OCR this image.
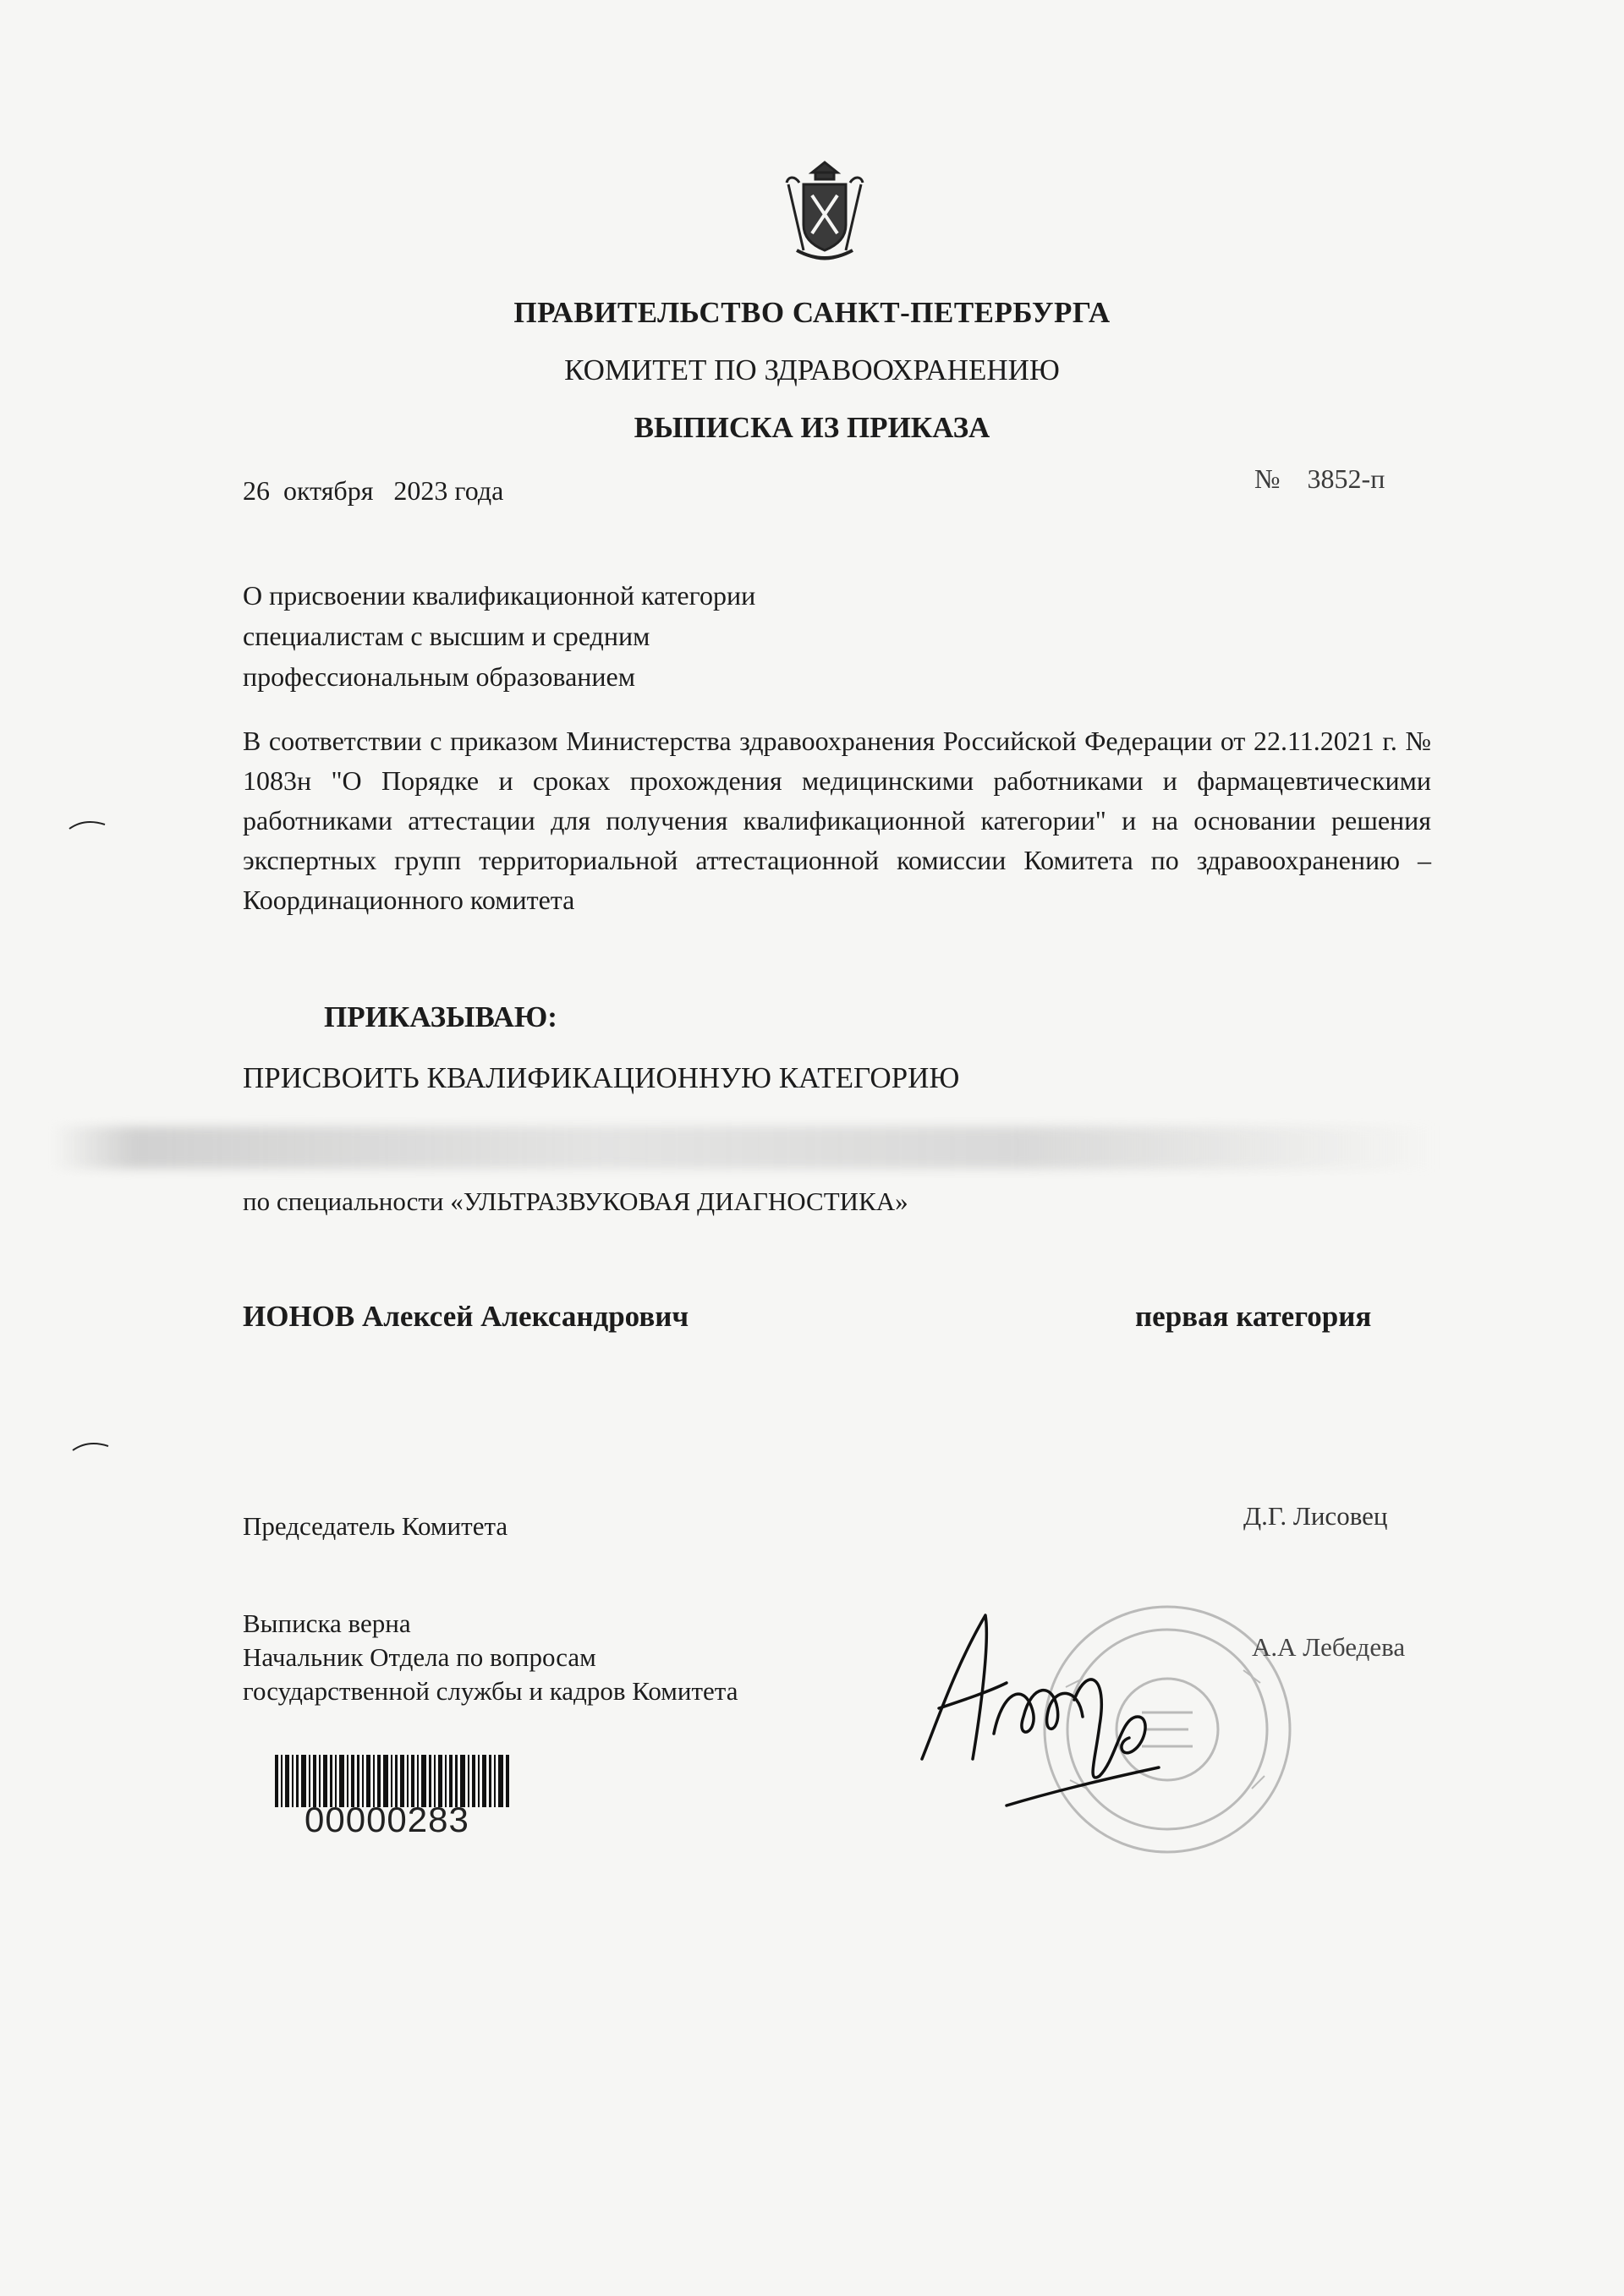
ПРАВИТЕЛЬСТВО САНКТ-ПЕТЕРБУРГА
КОМИТЕТ ПО ЗДРАВООХРАНЕНИЮ
ВЫПИСКА ИЗ ПРИКАЗА
26  октября   2023 года	№    3852-п
О присвоении квалификационной категории
специалистам с высшим и средним
профессиональным образованием
В соответствии с приказом Министерства здравоохранения Российской Федерации от 22.11.2021 г. № 1083н "О Порядке и сроках прохождения медицинскими работниками и фармацевтическими работниками аттестации для получения квалификационной категории" и на основании решения экспертных групп территориальной аттестационной комиссии Комитета по здравоохранению – Координационного комитета
ПРИКАЗЫВАЮ:
ПРИСВОИТЬ КВАЛИФИКАЦИОННУЮ КАТЕГОРИЮ
по специальности «УЛЬТРАЗВУКОВАЯ ДИАГНОСТИКА»
ИОНОВ Алексей Александрович	первая категория
Председатель Комитета	Д.Г. Лисовец
Выписка верна
Начальник Отдела по вопросам
государственной службы и кадров Комитета
А.А Лебедева
00000283
